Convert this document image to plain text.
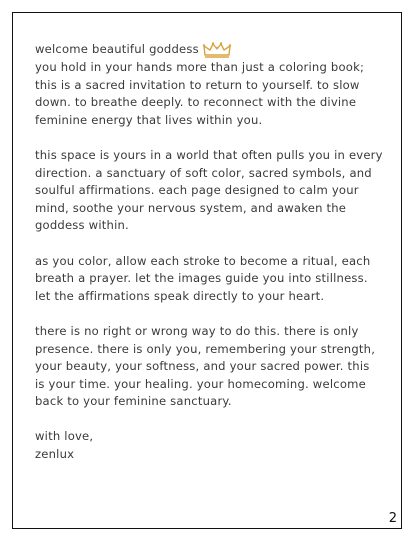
welcome beautiful goddess

you hold in your hands more than just a coloring book; this is a sacred invitation to return to yourself. to slow down. to breathe deeply. to reconnect with the divine feminine energy that lives within you.

this space is yours in a world that often pulls you in every direction. a sanctuary of soft color, sacred symbols, and soulful affirmations. each page designed to calm your mind, soothe your nervous system, and awaken the goddess within.

as you color, allow each stroke to become a ritual, each breath a prayer. let the images guide you into stillness. let the affirmations speak directly to your heart.

there is no right or wrong way to do this. there is only presence. there is only you, remembering your strength, your beauty, your softness, and your sacred power. this is your time. your healing. your homecoming. welcome back to your feminine sanctuary.

with love,

zenlux

2
